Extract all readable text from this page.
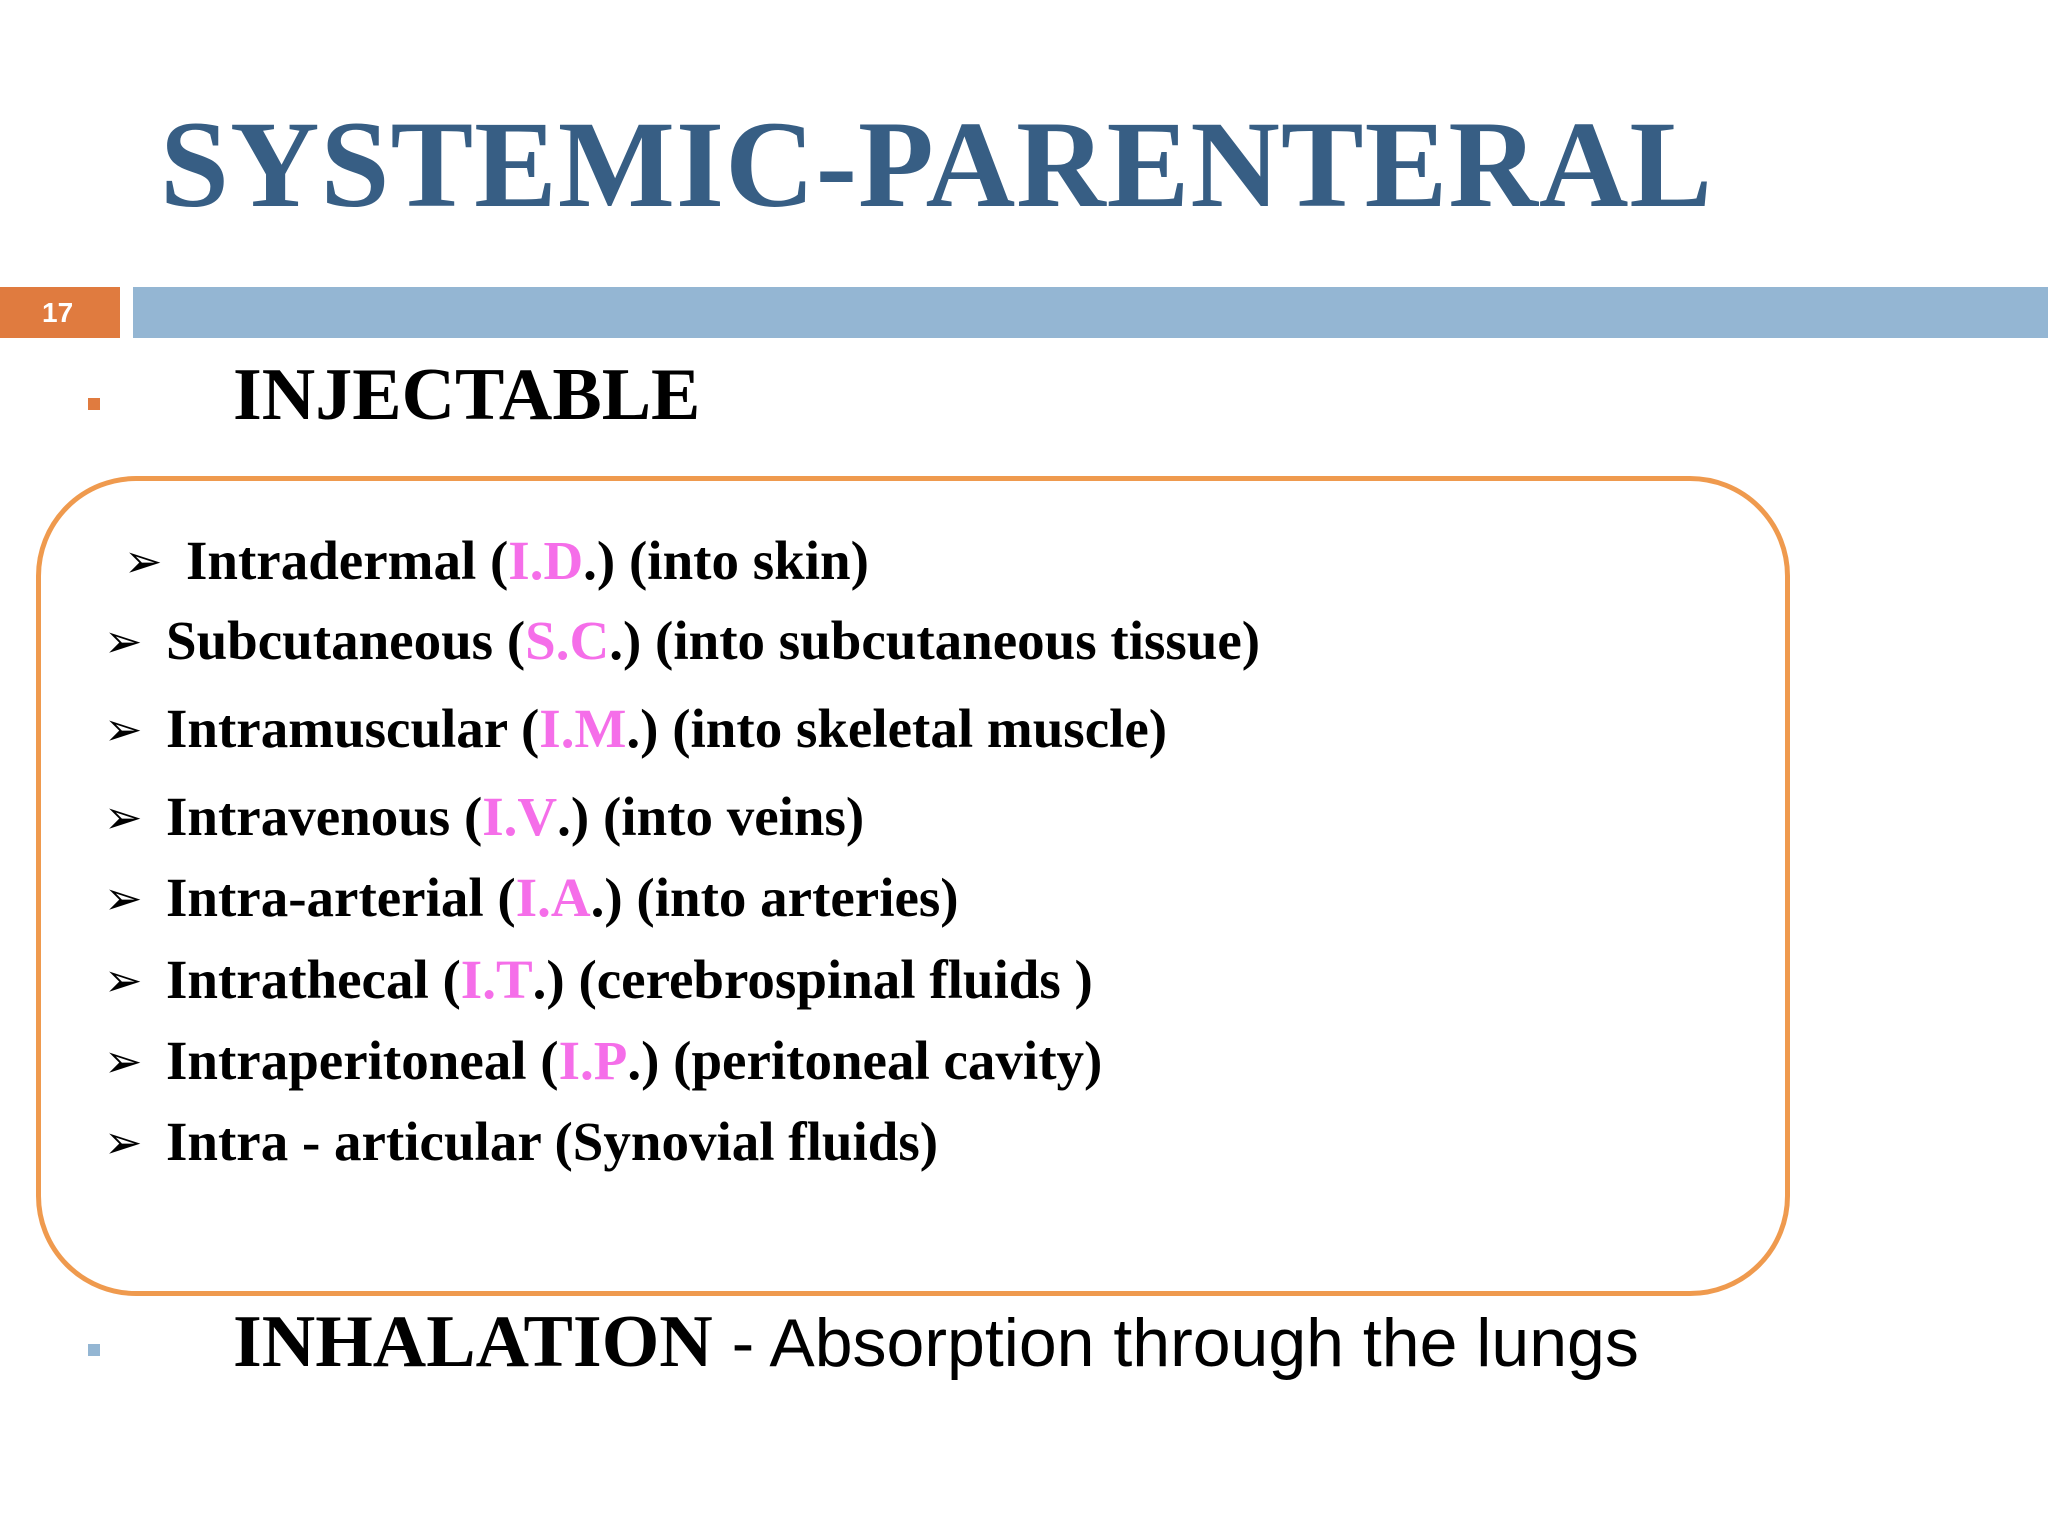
SYSTEMIC-PARENTERAL
17
INJECTABLE
➢ Intradermal ( I.D .) (into skin)
➢ Subcutaneous ( S.C .) (into subcutaneous tissue)
➢ Intramuscular ( I.M .) (into skeletal muscle)
➢ Intravenous ( I.V .) (into veins)
➢ Intra-arterial ( I.A .) (into arteries)
➢ Intrathecal ( I.T .) (cerebrospinal fluids )
➢ Intraperitoneal ( I.P .) (peritoneal cavity)
➢ Intra - articular (Synovial fluids)
INHALATION - Absorption through the lungs
